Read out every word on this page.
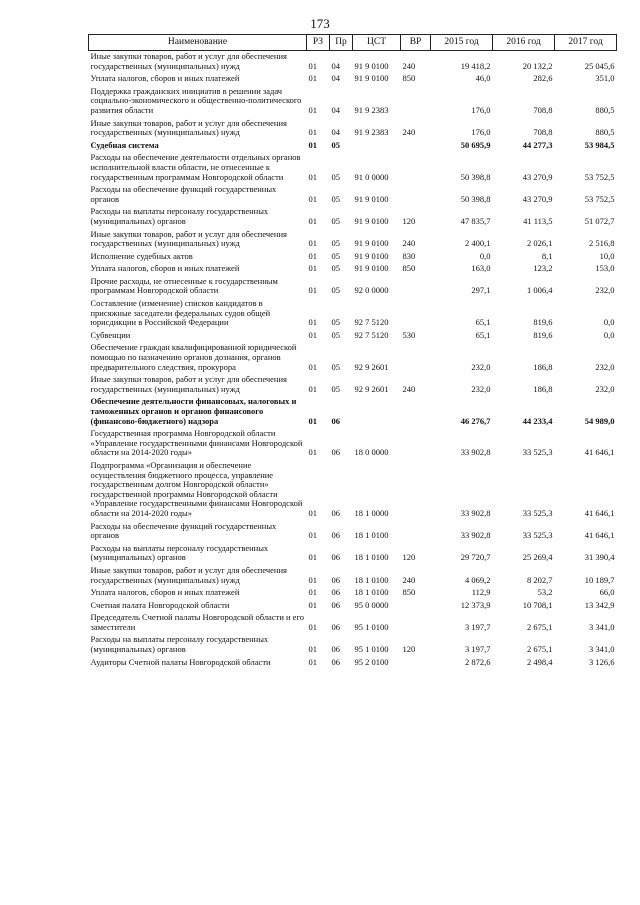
173
Наименование	РЗ	Пр	ЦСТ	ВР	2015 год	2016 год	2017 год
Иные закупки товаров, работ и услуг для обеспечения государственных (муниципальных) нужд	01	04	91 9 0100	240	19 418,2	20 132,2	25 045,6
Уплата налогов, сборов и иных платежей	01	04	91 9 0100	850	46,0	282,6	351,0
Поддержка гражданских инициатив в решении задач социально-экономического и общественно-политического развития области	01	04	91 9 2383		176,0	708,8	880,5
Иные закупки товаров, работ и услуг для обеспечения государственных (муниципальных) нужд	01	04	91 9 2383	240	176,0	708,8	880,5
Судебная система	01	05			50 695,9	44 277,3	53 984,5
Расходы на обеспечение деятельности отдельных органов исполнительной власти области, не отнесенные к государственным программам Новгородской области	01	05	91 0 0000		50 398,8	43 270,9	53 752,5
Расходы на обеспечение функций государственных органов	01	05	91 9 0100		50 398,8	43 270,9	53 752,5
Расходы на выплаты персоналу государственных (муниципальных) органов	01	05	91 9 0100	120	47 835,7	41 113,5	51 072,7
Иные закупки товаров, работ и услуг для обеспечения государственных (муниципальных) нужд	01	05	91 9 0100	240	2 400,1	2 026,1	2 516,8
Исполнение судебных актов	01	05	91 9 0100	830	0,0	8,1	10,0
Уплата налогов, сборов и иных платежей	01	05	91 9 0100	850	163,0	123,2	153,0
Прочие расходы, не отнесенные к государственным программам Новгородской области	01	05	92 0 0000		297,1	1 006,4	232,0
Составление (изменение) списков кандидатов в присяжные заседатели федеральных судов общей юрисдикции в Российской Федерации	01	05	92 7 5120		65,1	819,6	0,0
Субвенции	01	05	92 7 5120	530	65,1	819,6	0,0
Обеспечение граждан квалифицированной юридической помощью по назначению органов дознания, органов предварительного следствия, прокурора	01	05	92 9 2601		232,0	186,8	232,0
Иные закупки товаров, работ и услуг для обеспечения государственных (муниципальных) нужд	01	05	92 9 2601	240	232,0	186,8	232,0
Обеспечение деятельности финансовых, налоговых и таможенных органов и органов финансового (финансово-бюджетного) надзора	01	06			46 276,7	44 233,4	54 989,0
Государственная программа Новгородской области «Управление государственными финансами Новгородской области на 2014-2020 годы»	01	06	18 0 0000		33 902,8	33 525,3	41 646,1
Подпрограмма «Организация и обеспечение осуществления бюджетного процесса, управление государственным долгом Новгородской области» государственной программы Новгородской области «Управление государственными финансами Новгородской области на 2014-2020 годы»	01	06	18 1 0000		33 902,8	33 525,3	41 646,1
Расходы на обеспечение функций государственных органов	01	06	18 1 0100		33 902,8	33 525,3	41 646,1
Расходы на выплаты персоналу государственных (муниципальных) органов	01	06	18 1 0100	120	29 720,7	25 269,4	31 390,4
Иные закупки товаров, работ и услуг для обеспечения государственных (муниципальных) нужд	01	06	18 1 0100	240	4 069,2	8 202,7	10 189,7
Уплата налогов, сборов и иных платежей	01	06	18 1 0100	850	112,9	53,2	66,0
Счетная палата Новгородской области	01	06	95 0 0000		12 373,9	10 708,1	13 342,9
Председатель Счетной палаты Новгородской области и его заместители	01	06	95 1 0100		3 197,7	2 675,1	3 341,0
Расходы на выплаты персоналу государственных (муниципальных) органов	01	06	95 1 0100	120	3 197,7	2 675,1	3 341,0
Аудиторы Счетной палаты Новгородской области	01	06	95 2 0100		2 872,6	2 498,4	3 126,6
